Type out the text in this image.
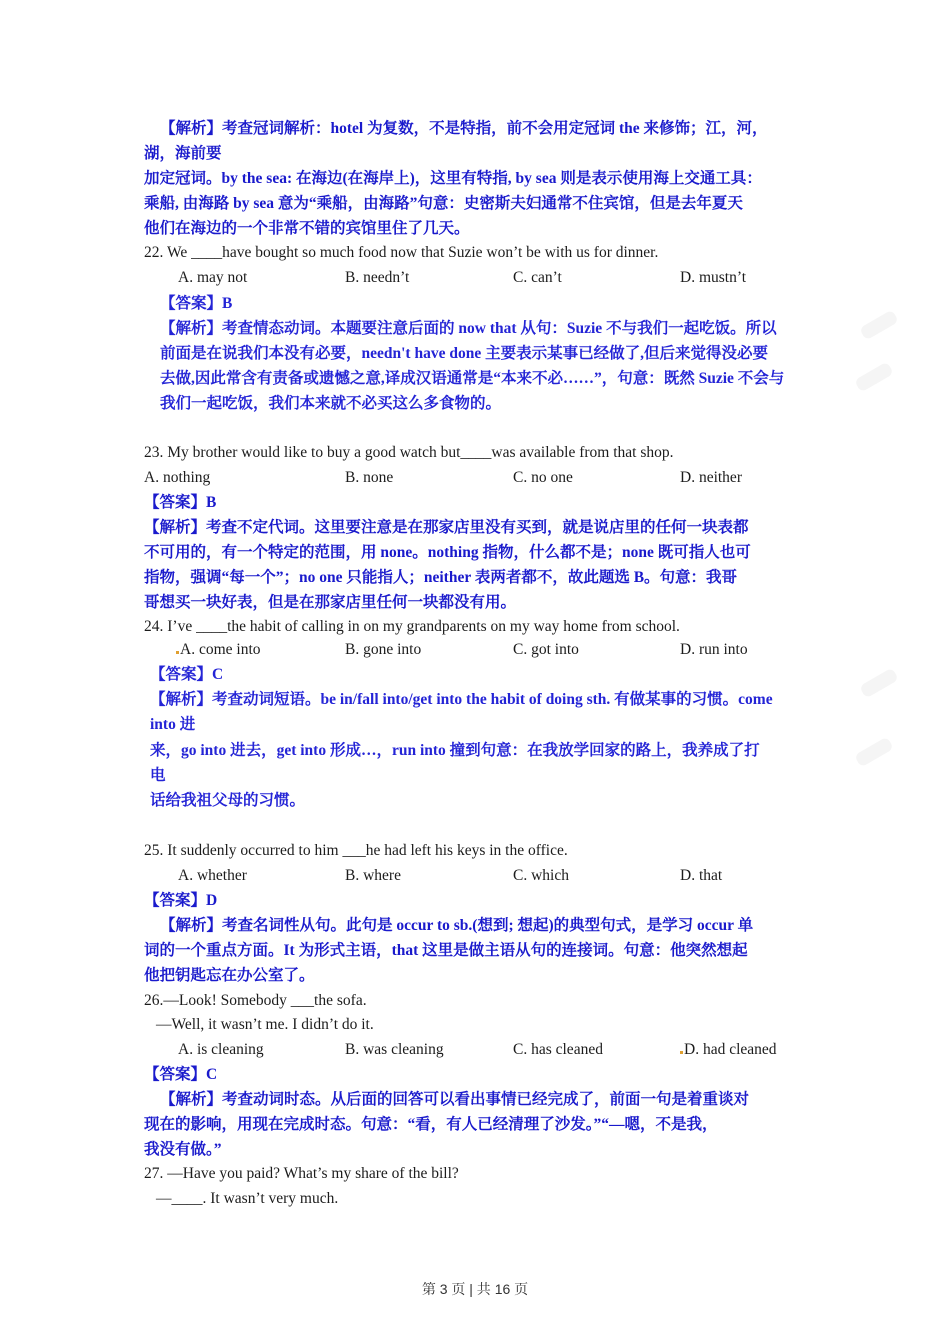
【解析】考查冠词解析：hotel 为复数，不是特指，前不会用定冠词 the 来修饰；江，河，
湖，海前要
加定冠词。by the sea: 在海边(在海岸上)，这里有特指, by sea 则是表示使用海上交通工具：
乘船, 由海路 by sea 意为“乘船，由海路”句意：史密斯夫妇通常不住宾馆，但是去年夏天
他们在海边的一个非常不错的宾馆里住了几天。
22. We ____have bought so much food now that Suzie won’t be with us for dinner.
A. may not	B. needn’t	C. can’t	D. mustn’t
【答案】B
【解析】考查情态动词。本题要注意后面的 now that 从句：Suzie 不与我们一起吃饭。所以
前面是在说我们本没有必要，needn't have done 主要表示某事已经做了,但后来觉得没必要
去做,因此常含有责备或遗憾之意,译成汉语通常是“本来不必……”，句意：既然 Suzie 不会与
我们一起吃饭，我们本来就不必买这么多食物的。
23. My brother would like to buy a good watch but____was available from that shop.
A. nothing	B. none	C. no one	D. neither
【答案】B
【解析】考查不定代词。这里要注意是在那家店里没有买到，就是说店里的任何一块表都
不可用的，有一个特定的范围，用 none。nothing 指物，什么都不是；none 既可指人也可
指物，强调“每一个”；no one 只能指人；neither 表两者都不，故此题选 B。句意：我哥
哥想买一块好表，但是在那家店里任何一块都没有用。
24. I’ve ____the habit of calling in on my grandparents on my way home from school.
A. come into	B. gone into	C. got into	D. run into
【答案】C
【解析】考查动词短语。be in/fall into/get into the habit of doing sth. 有做某事的习惯。come
into 进
来，go into 进去，get into 形成…，run into 撞到句意：在我放学回家的路上，我养成了打
电
话给我祖父母的习惯。
25. It suddenly occurred to him ___he had left his keys in the office.
A. whether	B. where	C. which	D. that
【答案】D
【解析】考查名词性从句。此句是 occur to sb.(想到; 想起)的典型句式，是学习 occur 单
词的一个重点方面。It 为形式主语，that 这里是做主语从句的连接词。句意：他突然想起
他把钥匙忘在办公室了。
26.—Look! Somebody ___the sofa.
—Well, it wasn’t me. I didn’t do it.
A. is cleaning	B. was cleaning	C. has cleaned	D. had cleaned
【答案】C
【解析】考查动词时态。从后面的回答可以看出事情已经完成了，前面一句是着重谈对
现在的影响，用现在完成时态。句意：“看，有人已经清理了沙发。”“—嗯，不是我，
我没有做。”
27. —Have you paid? What’s my share of the bill?
—____. It wasn’t very much.
第 3 页 | 共 16 页
